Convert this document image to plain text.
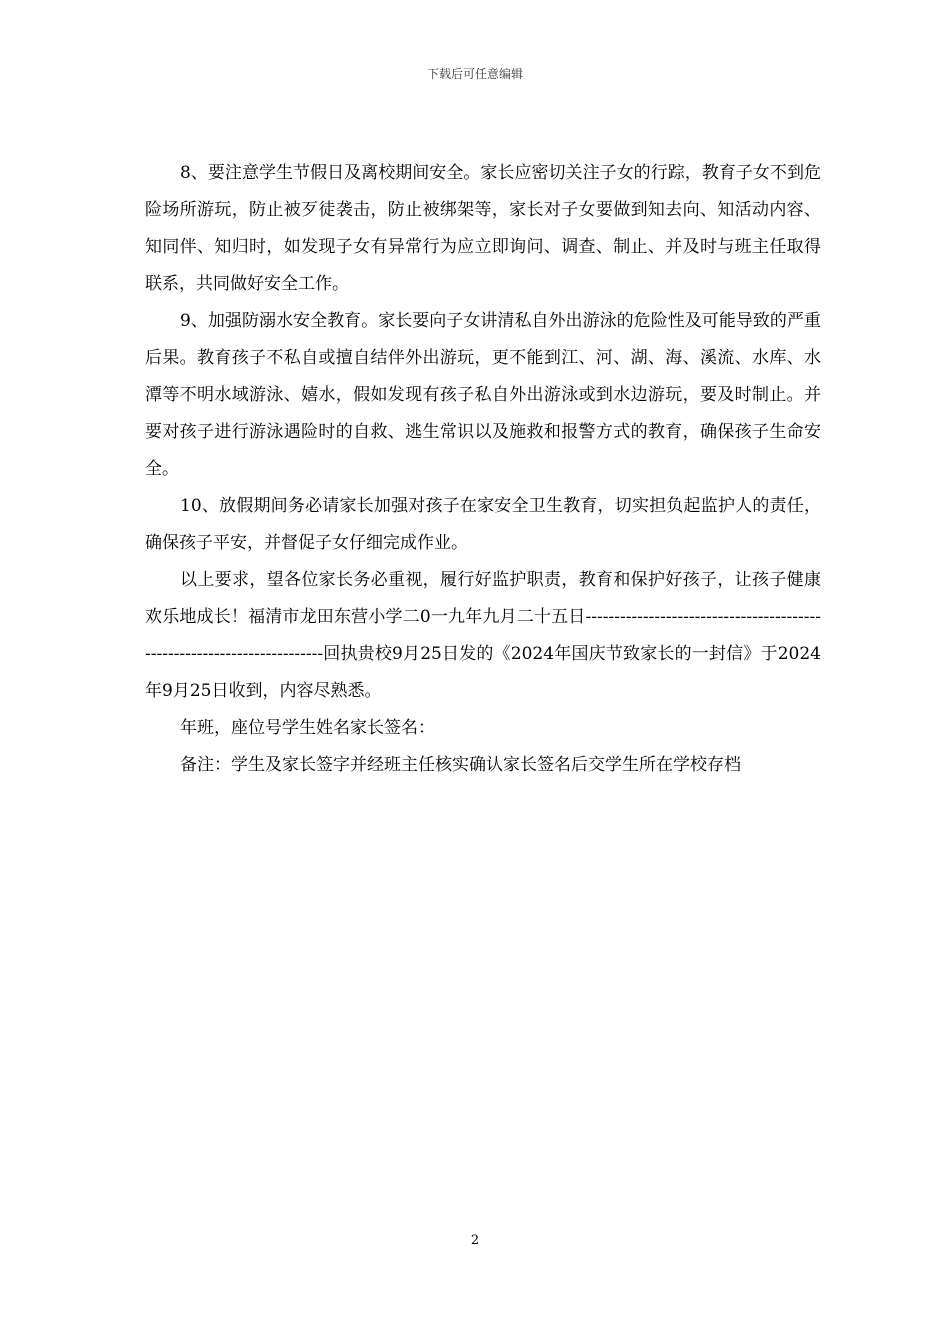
下载后可任意编辑

8、要注意学生节假日及离校期间安全。家长应密切关注子女的行踪，教育子女不到危险场所游玩，防止被歹徒袭击，防止被绑架等，家长对子女要做到知去向、知活动内容、知同伴、知归时，如发现子女有异常行为应立即询问、调查、制止、并及时与班主任取得联系，共同做好安全工作。

9、加强防溺水安全教育。家长要向子女讲清私自外出游泳的危险性及可能导致的严重后果。教育孩子不私自或擅自结伴外出游玩，更不能到江、河、湖、海、溪流、水库、水潭等不明水域游泳、嬉水，假如发现有孩子私自外出游泳或到水边游玩，要及时制止。并要对孩子进行游泳遇险时的自救、逃生常识以及施救和报警方式的教育，确保孩子生命安全。

10、放假期间务必请家长加强对孩子在家安全卫生教育，切实担负起监护人的责任，确保孩子平安，并督促子女仔细完成作业。

以上要求，望各位家长务必重视，履行好监护职责，教育和保护好孩子，让孩子健康欢乐地成长！福清市龙田东营小学二0一九年九月二十五日------------------------------------------------------------------------回执贵校9月25日发的《2024年国庆节致家长的一封信》于2024年9月25日收到，内容尽熟悉。

年班，座位号学生姓名家长签名：

备注：学生及家长签字并经班主任核实确认家长签名后交学生所在学校存档

2
